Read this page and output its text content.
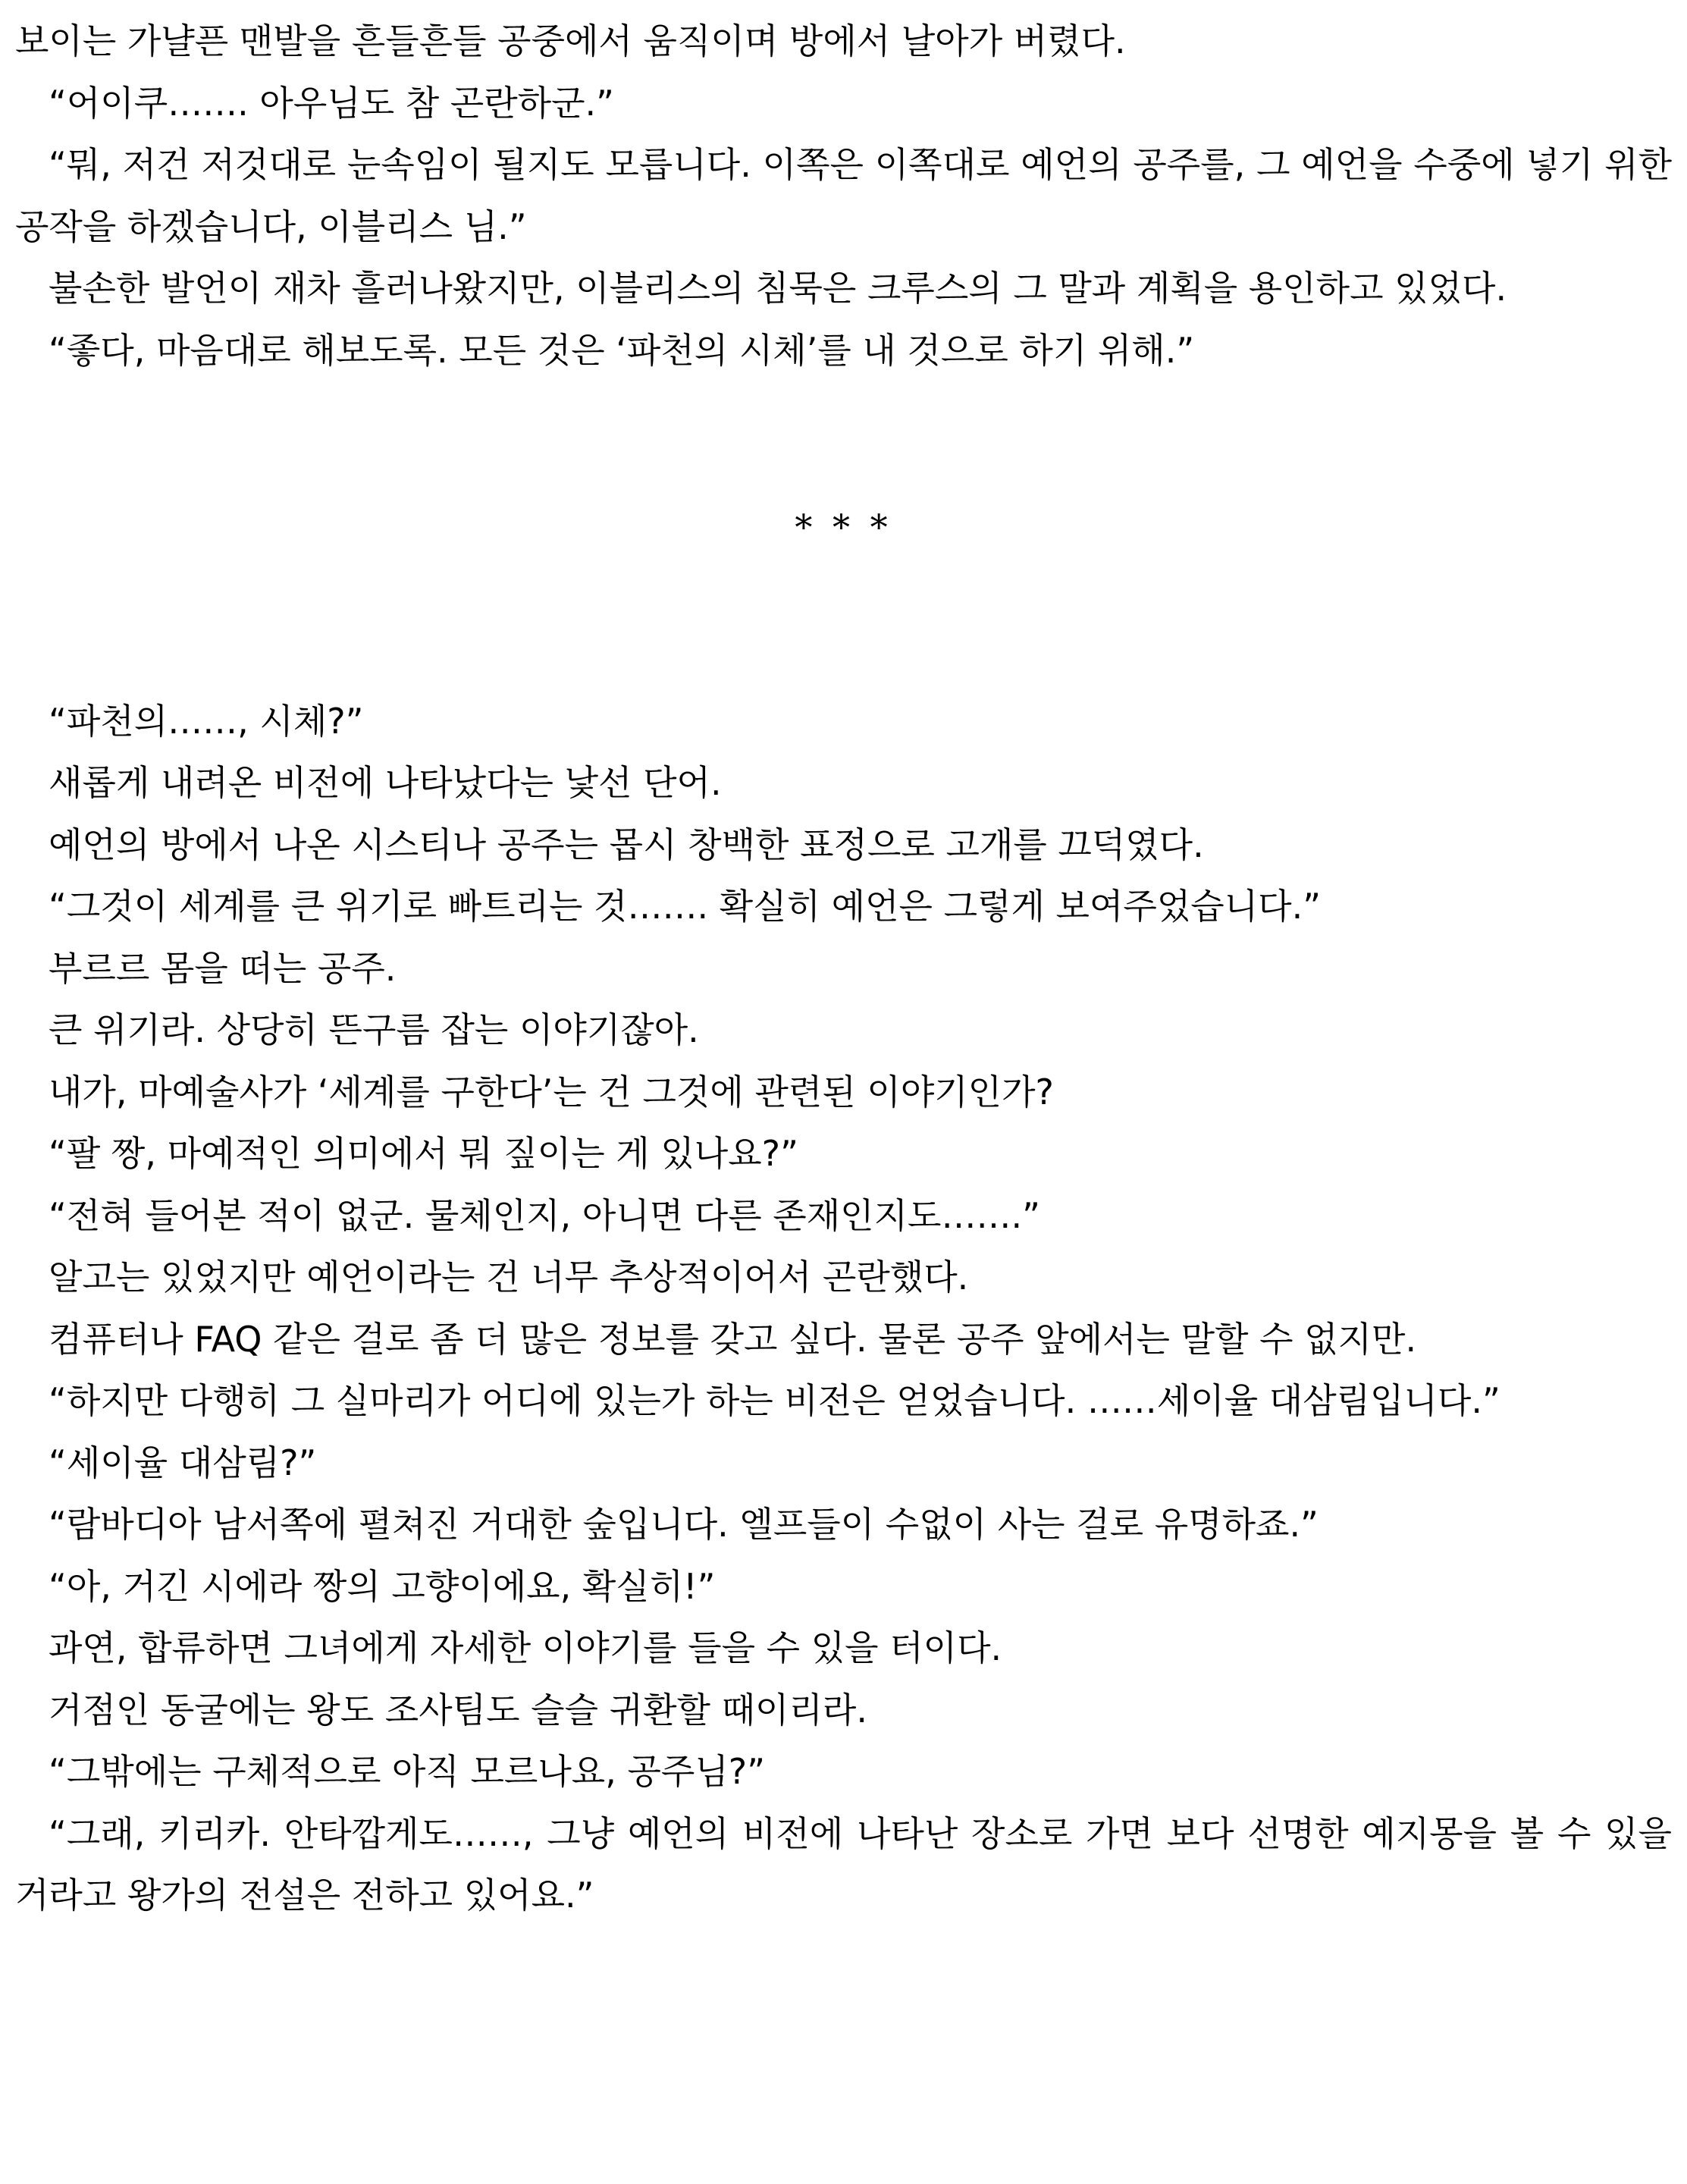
보이는 가냘픈 맨발을 흔들흔들 공중에서 움직이며 방에서 날아가 버렸다.

“어이쿠……. 아우님도 참 곤란하군.”

“뭐, 저건 저것대로 눈속임이 될지도 모릅니다. 이쪽은 이쪽대로 예언의 공주를, 그 예언을 수중에 넣기 위한 공작을 하겠습니다, 이블리스 님.”

불손한 발언이 재차 흘러나왔지만, 이블리스의 침묵은 크루스의 그 말과 계획을 용인하고 있었다.

“좋다, 마음대로 해보도록. 모든 것은 ‘파천의 시체’를 내 것으로 하기 위해.”

* * *

“파천의……, 시체?”

새롭게 내려온 비전에 나타났다는 낯선 단어.

예언의 방에서 나온 시스티나 공주는 몹시 창백한 표정으로 고개를 끄덕였다.

“그것이 세계를 큰 위기로 빠트리는 것……. 확실히 예언은 그렇게 보여주었습니다.”

부르르 몸을 떠는 공주.

큰 위기라. 상당히 뜬구름 잡는 이야기잖아.

내가, 마예술사가 ‘세계를 구한다’는 건 그것에 관련된 이야기인가?

“팔 짱, 마예적인 의미에서 뭐 짚이는 게 있나요?”

“전혀 들어본 적이 없군. 물체인지, 아니면 다른 존재인지도…….”

알고는 있었지만 예언이라는 건 너무 추상적이어서 곤란했다.

컴퓨터나 FAQ 같은 걸로 좀 더 많은 정보를 갖고 싶다. 물론 공주 앞에서는 말할 수 없지만.

“하지만 다행히 그 실마리가 어디에 있는가 하는 비전은 얻었습니다. ……세이율 대삼림입니다.”

“세이율 대삼림?”

“람바디아 남서쪽에 펼쳐진 거대한 숲입니다. 엘프들이 수없이 사는 걸로 유명하죠.”

“아, 거긴 시에라 짱의 고향이에요, 확실히!”

과연, 합류하면 그녀에게 자세한 이야기를 들을 수 있을 터이다.

거점인 동굴에는 왕도 조사팀도 슬슬 귀환할 때이리라.

“그밖에는 구체적으로 아직 모르나요, 공주님?”

“그래, 키리카. 안타깝게도……, 그냥 예언의 비전에 나타난 장소로 가면 보다 선명한 예지몽을 볼 수 있을 거라고 왕가의 전설은 전하고 있어요.”
